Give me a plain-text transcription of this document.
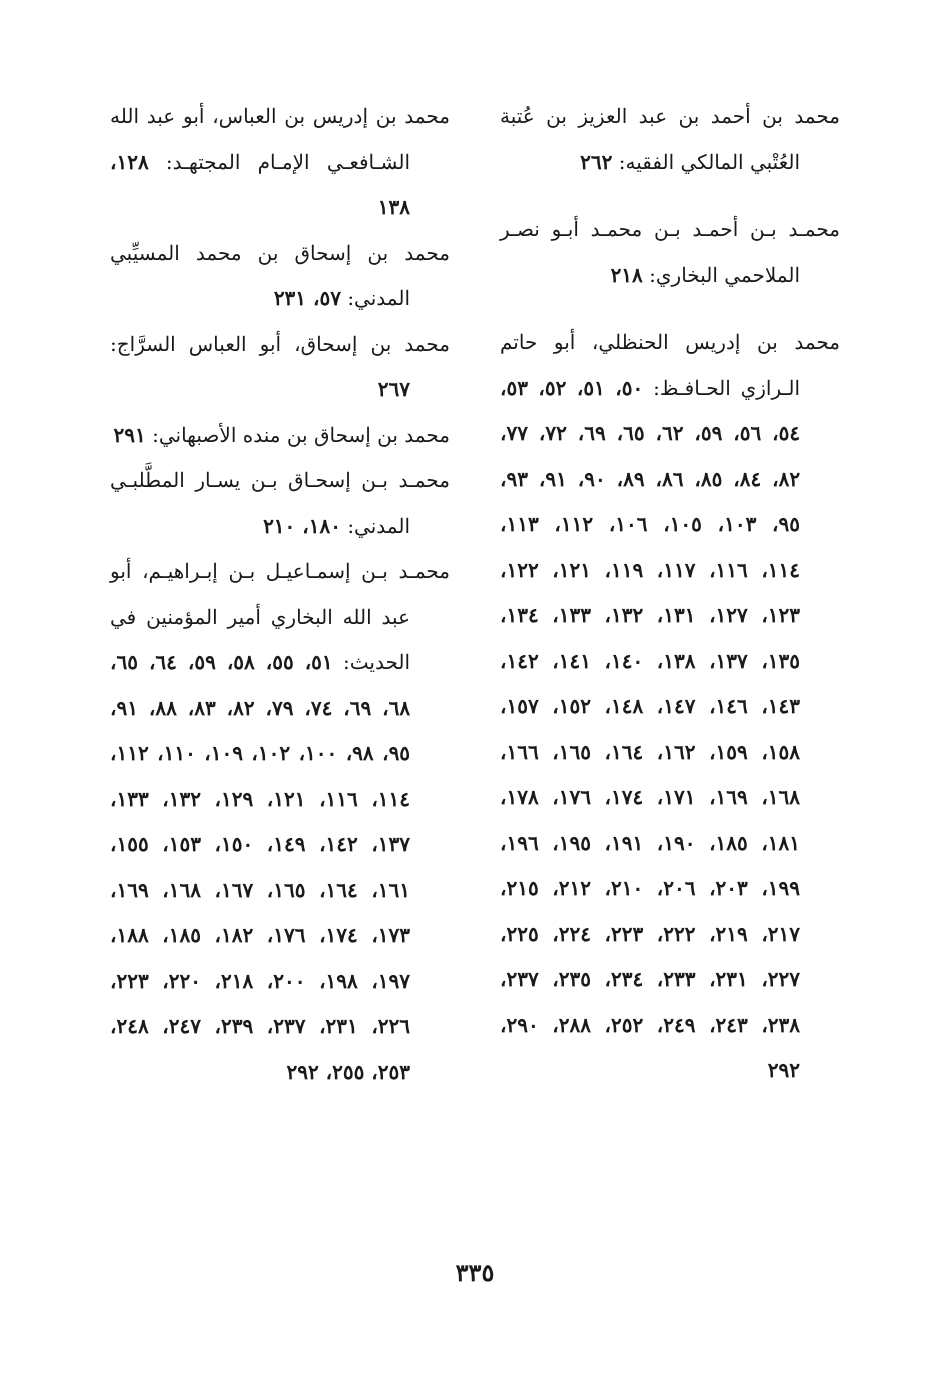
محمد بن أحمد بن عبد العزيز بن عُتبة العُتْبي المالكي الفقيه: ٢٦٢

محمـد بـن أحمـد بـن محمـد أبـو نصـر الملاحمي البخاري: ٢١٨

محمد بن إدريس الحنظلي، أبو حاتم الـرازي الحـافـظ: ٥٠، ٥١، ٥٢، ٥٣، ٥٤، ٥٦، ٥٩، ٦٢، ٦٥، ٦٩، ٧٢، ٧٧، ٨٢، ٨٤، ٨٥، ٨٦، ٨٩، ٩٠، ٩١، ٩٣، ٩٥، ١٠٣، ١٠٥، ١٠٦، ١١٢، ١١٣، ١١٤، ١١٦، ١١٧، ١١٩، ١٢١، ١٢٢، ١٢٣، ١٢٧، ١٣١، ١٣٢، ١٣٣، ١٣٤، ١٣٥، ١٣٧، ١٣٨، ١٤٠، ١٤١، ١٤٢، ١٤٣، ١٤٦، ١٤٧، ١٤٨، ١٥٢، ١٥٧، ١٥٨، ١٥٩، ١٦٢، ١٦٤، ١٦٥، ١٦٦، ١٦٨، ١٦٩، ١٧١، ١٧٤، ١٧٦، ١٧٨، ١٨١، ١٨٥، ١٩٠، ١٩١، ١٩٥، ١٩٦، ١٩٩، ٢٠٣، ٢٠٦، ٢١٠، ٢١٢، ٢١٥، ٢١٧، ٢١٩، ٢٢٢، ٢٢٣، ٢٢٤، ٢٢٥، ٢٢٧، ٢٣١، ٢٣٣، ٢٣٤، ٢٣٥، ٢٣٧، ٢٣٨، ٢٤٣، ٢٤٩، ٢٥٢، ٢٨٨، ٢٩٠، ٢٩٢

محمد بن إدريس بن العباس، أبو عبد الله الشـافعـي الإمـام المجتهـد: ١٢٨، ١٣٨

محمد بن إسحاق بن محمد المسيِّبي المدني: ٥٧، ٢٣١

محمد بن إسحاق، أبو العباس السرَّاج: ٢٦٧

محمد بن إسحاق بن منده الأصبهاني: ٢٩١

محمـد بـن إسحـاق بـن يسـار المطَّلبـي المدني: ١٨٠، ٢١٠

محمـد بـن إسمـاعيـل بـن إبـراهيـم، أبو عبد الله البخاري أمير المؤمنين في الحديث: ٥١، ٥٥، ٥٨، ٥٩، ٦٤، ٦٥، ٦٨، ٦٩، ٧٤، ٧٩، ٨٢، ٨٣، ٨٨، ٩١، ٩٥، ٩٨، ١٠٠، ١٠٢، ١٠٩، ١١٠، ١١٢، ١١٤، ١١٦، ١٢١، ١٢٩، ١٣٢، ١٣٣، ١٣٧، ١٤٢، ١٤٩، ١٥٠، ١٥٣، ١٥٥، ١٦١، ١٦٤، ١٦٥، ١٦٧، ١٦٨، ١٦٩، ١٧٣، ١٧٤، ١٧٦، ١٨٢، ١٨٥، ١٨٨، ١٩٧، ١٩٨، ٢٠٠، ٢١٨، ٢٢٠، ٢٢٣، ٢٢٦، ٢٣١، ٢٣٧، ٢٣٩، ٢٤٧، ٢٤٨، ٢٥٣، ٢٥٥، ٢٩٢

٣٣٥
